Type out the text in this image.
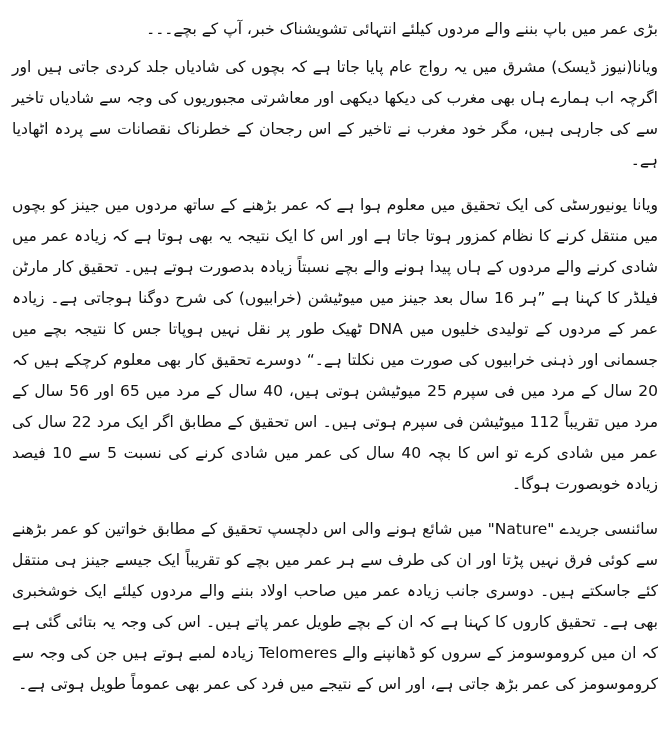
بڑی عمر میں باپ بننے والے مردوں کیلئے انتہائی تشویشناک خبر، آپ کے بچے۔۔۔

ویانا(نیوز ڈیسک) مشرق میں یہ رواج عام پایا جاتا ہے کہ بچوں کی شادیاں جلد کردی جاتی ہیں اور اگرچہ اب ہمارے ہاں بھی مغرب کی دیکھا دیکھی اور معاشرتی مجبوریوں کی وجہ سے شادیاں تاخیر سے کی جارہی ہیں، مگر خود مغرب نے تاخیر کے اس رجحان کے خطرناک نقصانات سے پردہ اٹھادیا ہے۔

ویانا یونیورسٹی کی ایک تحقیق میں معلوم ہوا ہے کہ عمر بڑھنے کے ساتھ مردوں میں جینز کو بچوں میں منتقل کرنے کا نظام کمزور ہوتا جاتا ہے اور اس کا ایک نتیجہ یہ بھی ہوتا ہے کہ زیادہ عمر میں شادی کرنے والے مردوں کے ہاں پیدا ہونے والے بچے نسبتاً زیادہ بدصورت ہوتے ہیں۔ تحقیق کار مارٹن فیلڈر کا کہنا ہے ”ہر 16 سال بعد جینز میں میوٹیشن (خرابیوں) کی شرح دوگنا ہوجاتی ہے۔ زیادہ عمر کے مردوں کے تولیدی خلیوں میں DNA ٹھیک طور پر نقل نہیں ہوپاتا جس کا نتیجہ بچے میں جسمانی اور ذہنی خرابیوں کی صورت میں نکلتا ہے۔“ دوسرے تحقیق کار بھی معلوم کرچکے ہیں کہ 20 سال کے مرد میں فی سپرم 25 میوٹیشن ہوتی ہیں، 40 سال کے مرد میں 65 اور 56 سال کے مرد میں تقریباً 112 میوٹیشن فی سپرم ہوتی ہیں۔ اس تحقیق کے مطابق اگر ایک مرد 22 سال کی عمر میں شادی کرے تو اس کا بچہ 40 سال کی عمر میں شادی کرنے کی نسبت 5 سے 10 فیصد زیادہ خوبصورت ہوگا۔

سائنسی جریدے "Nature" میں شائع ہونے والی اس دلچسپ تحقیق کے مطابق خواتین کو عمر بڑھنے سے کوئی فرق نہیں پڑتا اور ان کی طرف سے ہر عمر میں بچے کو تقریباً ایک جیسے جینز ہی منتقل کئے جاسکتے ہیں۔ دوسری جانب زیادہ عمر میں صاحب اولاد بننے والے مردوں کیلئے ایک خوشخبری بھی ہے۔ تحقیق کاروں کا کہنا ہے کہ ان کے بچے طویل عمر پاتے ہیں۔ اس کی وجہ یہ بتائی گئی ہے کہ ان میں کروموسومز کے سروں کو ڈھانپنے والے Telomeres زیادہ لمبے ہوتے ہیں جن کی وجہ سے کروموسومز کی عمر بڑھ جاتی ہے، اور اس کے نتیجے میں فرد کی عمر بھی عموماً طویل ہوتی ہے۔
